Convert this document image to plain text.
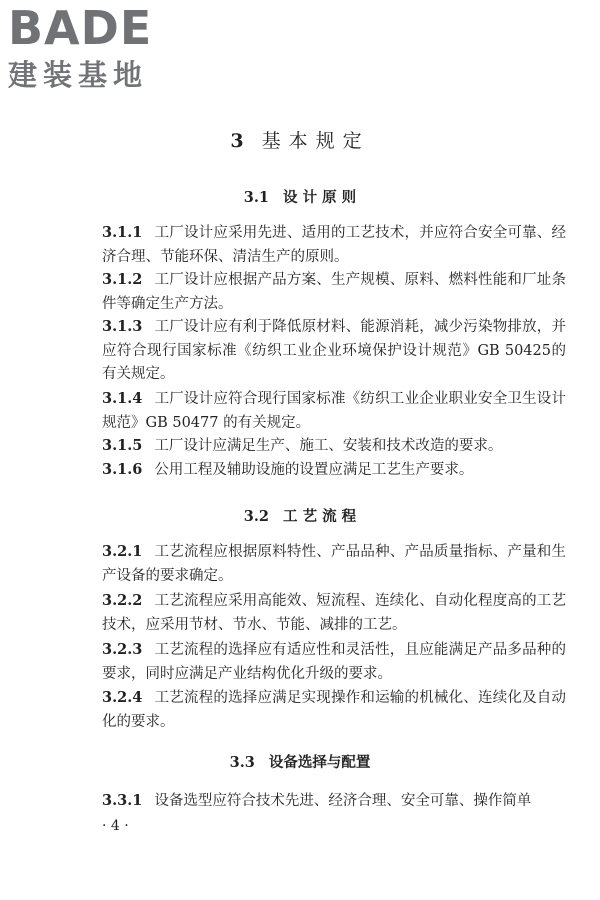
BADE
建装基地
3 基本规定
3.1 设 计 原 则
3.1.1 工厂设计应采用先进、适用的工艺技术，并应符合安全可靠、经济合理、节能环保、清洁生产的原则。
3.1.2 工厂设计应根据产品方案、生产规模、原料、燃料性能和厂址条件等确定生产方法。
3.1.3 工厂设计应有利于降低原材料、能源消耗，减少污染物排放，并应符合现行国家标准《纺织工业企业环境保护设计规范》GB 50425的有关规定。
3.1.4 工厂设计应符合现行国家标准《纺织工业企业职业安全卫生设计规范》GB 50477 的有关规定。
3.1.5 工厂设计应满足生产、施工、安装和技术改造的要求。
3.1.6 公用工程及辅助设施的设置应满足工艺生产要求。
3.2 工 艺 流 程
3.2.1 工艺流程应根据原料特性、产品品种、产品质量指标、产量和生产设备的要求确定。
3.2.2 工艺流程应采用高能效、短流程、连续化、自动化程度高的工艺技术，应采用节材、节水、节能、减排的工艺。
3.2.3 工艺流程的选择应有适应性和灵活性，且应能满足产品多品种的要求，同时应满足产业结构优化升级的要求。
3.2.4 工艺流程的选择应满足实现操作和运输的机械化、连续化及自动化的要求。
3.3 设备选择与配置
3.3.1 设备选型应符合技术先进、经济合理、安全可靠、操作简单
· 4 ·
